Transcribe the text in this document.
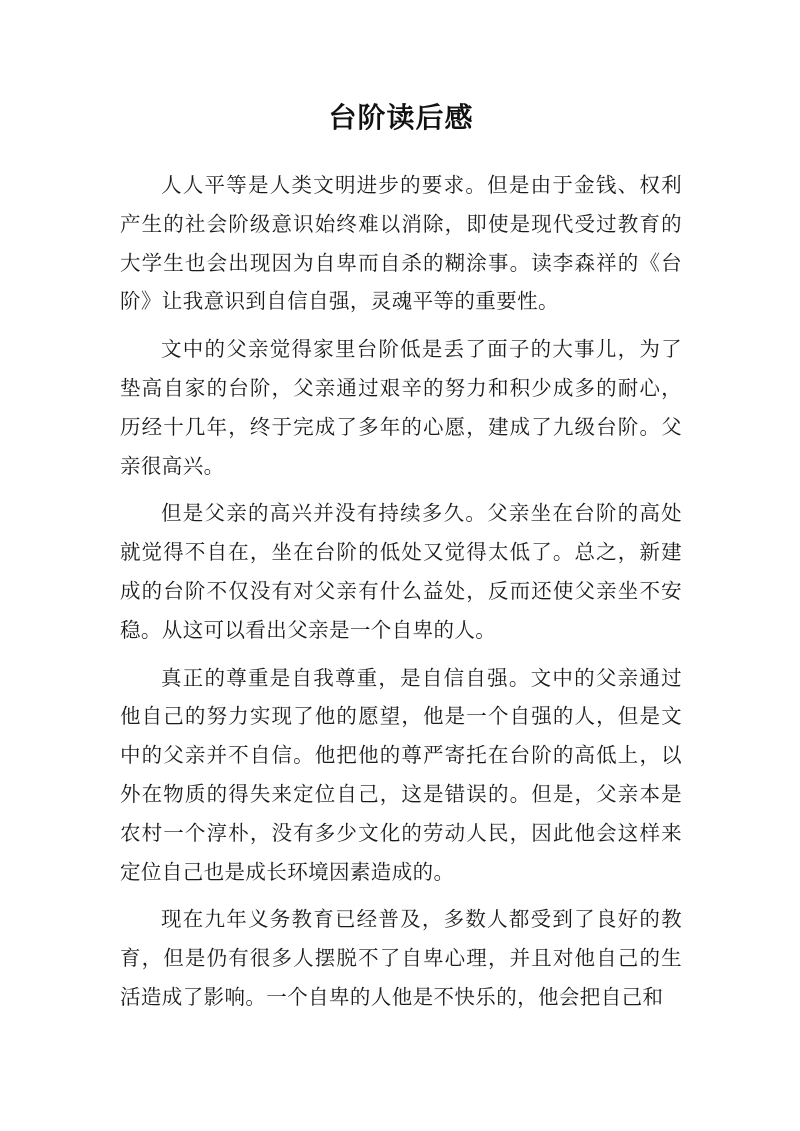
台阶读后感

人人平等是人类文明进步的要求。但是由于金钱、权利产生的社会阶级意识始终难以消除，即使是现代受过教育的大学生也会出现因为自卑而自杀的糊涂事。读李森祥的《台阶》让我意识到自信自强，灵魂平等的重要性。

文中的父亲觉得家里台阶低是丢了面子的大事儿，为了垫高自家的台阶，父亲通过艰辛的努力和积少成多的耐心，历经十几年，终于完成了多年的心愿，建成了九级台阶。父亲很高兴。

但是父亲的高兴并没有持续多久。父亲坐在台阶的高处就觉得不自在，坐在台阶的低处又觉得太低了。总之，新建成的台阶不仅没有对父亲有什么益处，反而还使父亲坐不安稳。从这可以看出父亲是一个自卑的人。

真正的尊重是自我尊重，是自信自强。文中的父亲通过他自己的努力实现了他的愿望，他是一个自强的人，但是文中的父亲并不自信。他把他的尊严寄托在台阶的高低上，以外在物质的得失来定位自己，这是错误的。但是，父亲本是农村一个淳朴，没有多少文化的劳动人民，因此他会这样来定位自己也是成长环境因素造成的。

现在九年义务教育已经普及，多数人都受到了良好的教育，但是仍有很多人摆脱不了自卑心理，并且对他自己的生活造成了影响。一个自卑的人他是不快乐的，他会把自己和
